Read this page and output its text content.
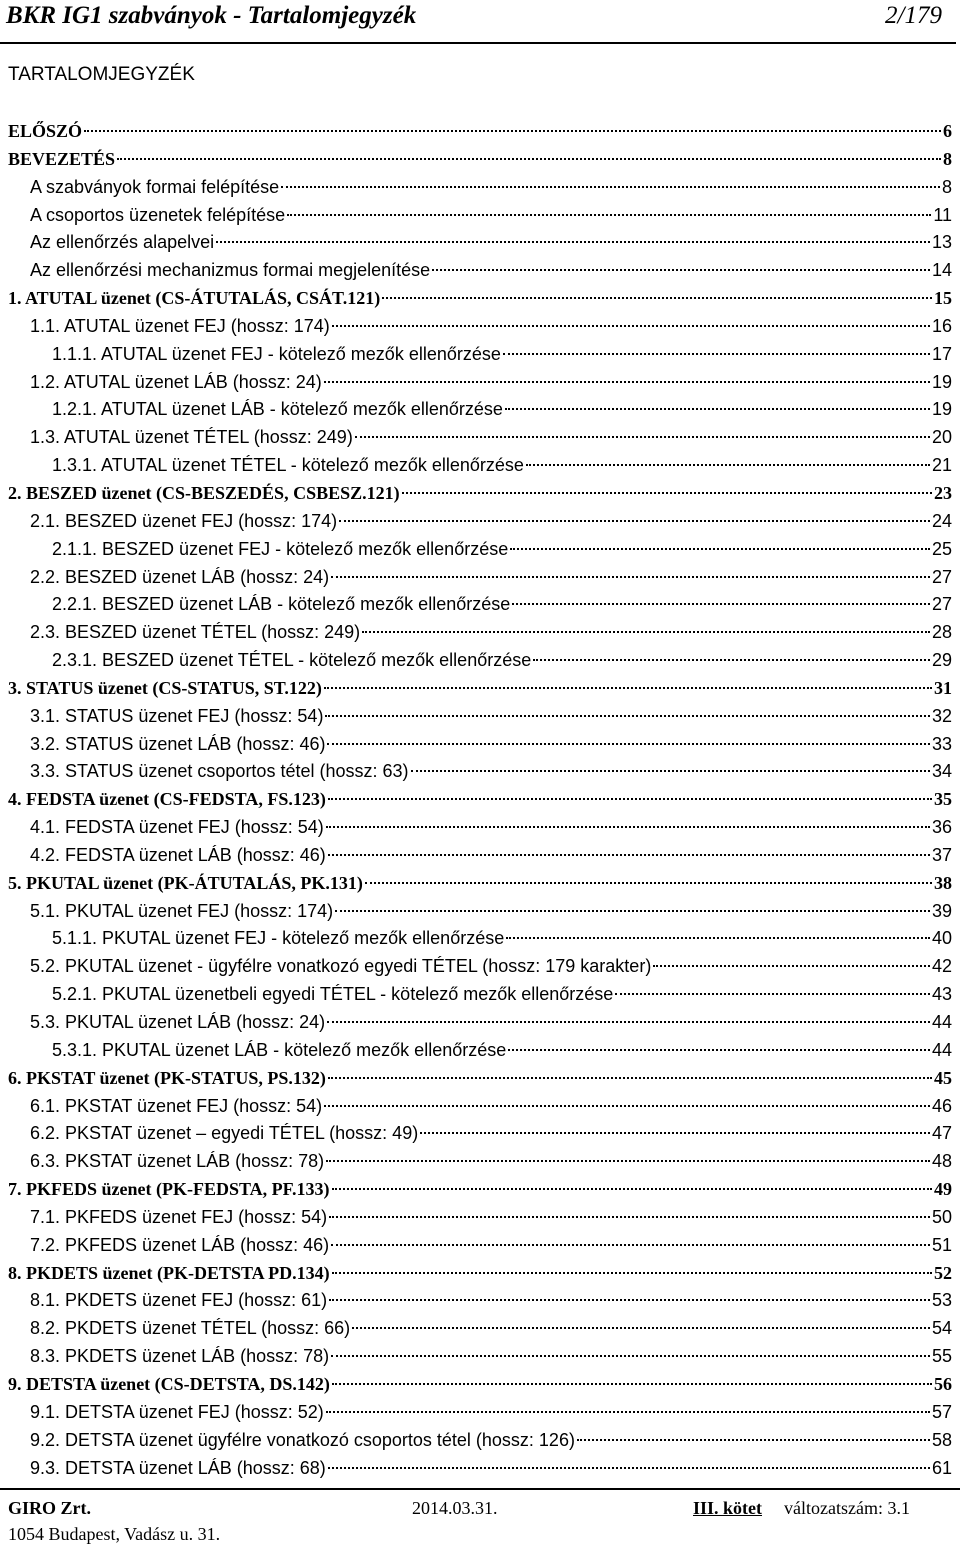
BKR IG1 szabványok - Tartalomjegyzék	2/179
TARTALOMJEGYZÉK
ELŐSZÓ	6
BEVEZETÉS	8
A szabványok formai felépítése	8
A csoportos üzenetek felépítése	11
Az ellenőrzés alapelvei	13
Az ellenőrzési mechanizmus formai megjelenítése	14
1. ATUTAL üzenet (CS-ÁTUTALÁS, CSÁT.121)	15
1.1. ATUTAL üzenet FEJ (hossz: 174)	16
1.1.1. ATUTAL üzenet FEJ - kötelező mezők ellenőrzése	17
1.2. ATUTAL üzenet LÁB (hossz: 24)	19
1.2.1. ATUTAL üzenet LÁB - kötelező mezők ellenőrzése	19
1.3. ATUTAL üzenet TÉTEL (hossz: 249)	20
1.3.1. ATUTAL üzenet TÉTEL - kötelező mezők ellenőrzése	21
2. BESZED üzenet (CS-BESZEDÉS, CSBESZ.121)	23
2.1. BESZED üzenet FEJ (hossz: 174)	24
2.1.1. BESZED üzenet FEJ - kötelező mezők ellenőrzése	25
2.2. BESZED üzenet LÁB (hossz: 24)	27
2.2.1. BESZED üzenet LÁB - kötelező mezők ellenőrzése	27
2.3. BESZED üzenet TÉTEL (hossz: 249)	28
2.3.1. BESZED üzenet TÉTEL - kötelező mezők ellenőrzése	29
3. STATUS üzenet (CS-STATUS, ST.122)	31
3.1. STATUS üzenet FEJ (hossz: 54)	32
3.2. STATUS üzenet LÁB (hossz: 46)	33
3.3. STATUS üzenet csoportos tétel (hossz: 63)	34
4. FEDSTA üzenet (CS-FEDSTA, FS.123)	35
4.1. FEDSTA üzenet FEJ (hossz: 54)	36
4.2. FEDSTA üzenet LÁB (hossz: 46)	37
5. PKUTAL üzenet (PK-ÁTUTALÁS, PK.131)	38
5.1. PKUTAL üzenet FEJ (hossz: 174)	39
5.1.1. PKUTAL üzenet FEJ - kötelező mezők ellenőrzése	40
5.2. PKUTAL üzenet - ügyfélre vonatkozó egyedi TÉTEL (hossz: 179 karakter)	42
5.2.1. PKUTAL üzenetbeli egyedi TÉTEL - kötelező mezők ellenőrzése	43
5.3. PKUTAL üzenet LÁB (hossz: 24)	44
5.3.1. PKUTAL üzenet LÁB - kötelező mezők ellenőrzése	44
6. PKSTAT üzenet (PK-STATUS, PS.132)	45
6.1. PKSTAT üzenet FEJ (hossz: 54)	46
6.2. PKSTAT üzenet – egyedi TÉTEL (hossz: 49)	47
6.3. PKSTAT üzenet LÁB (hossz: 78)	48
7. PKFEDS üzenet (PK-FEDSTA, PF.133)	49
7.1. PKFEDS üzenet FEJ (hossz: 54)	50
7.2. PKFEDS üzenet LÁB (hossz: 46)	51
8. PKDETS üzenet (PK-DETSTA PD.134)	52
8.1. PKDETS üzenet FEJ (hossz: 61)	53
8.2. PKDETS üzenet TÉTEL (hossz: 66)	54
8.3. PKDETS üzenet LÁB (hossz: 78)	55
9. DETSTA üzenet (CS-DETSTA, DS.142)	56
9.1. DETSTA üzenet FEJ (hossz: 52)	57
9.2. DETSTA üzenet ügyfélre vonatkozó csoportos tétel (hossz: 126)	58
9.3. DETSTA üzenet LÁB (hossz: 68)	61
GIRO Zrt.
1054 Budapest, Vadász u. 31.
2014.03.31.	III. kötet változatszám: 3.1
